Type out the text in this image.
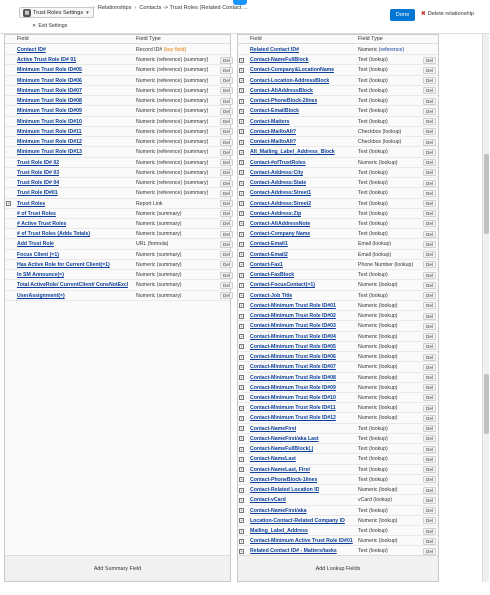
▦ Trust Roles Settings ▼
› Relationships › Contacts -> Trust Roles (Related Contact ...
✕ Exit Settings
Done	✖ Delete relationship
Field	Field Type
Contact ID#	Record ID# (key field)
Active Trust Role ID# 01	Numeric (reference) (summary)	Del
Minimum Trust Role ID#05	Numeric (reference) (summary)	Del
Minimum Trust Role ID#06	Numeric (reference) (summary)	Del
Minimum Trust Role ID#07	Numeric (reference) (summary)	Del
Minimum Trust Role ID#08	Numeric (reference) (summary)	Del
Minimum Trust Role ID#09	Numeric (reference) (summary)	Del
Minimum Trust Role ID#10	Numeric (reference) (summary)	Del
Minimum Trust Role ID#11	Numeric (reference) (summary)	Del
Minimum Trust Role ID#12	Numeric (reference) (summary)	Del
Minimum Trust Role ID#13	Numeric (reference) (summary)	Del
Trust Role ID# 02	Numeric (reference) (summary)	Del
Trust Role ID# 03	Numeric (reference) (summary)	Del
Trust Role ID# 04	Numeric (reference) (summary)	Del
Trust Role ID#01	Numeric (reference) (summary)	Del
+ Trust Roles	Report Link	Del
# of Trust Roles	Numeric (summary)	Del
# Active Trust Roles	Numeric (summary)	Del
# of Trust Roles (Adds Totals)	Numeric (summary)	Del
Add Trust Role	URL (formula)	Del
Focus Client (=1)	Numeric (summary)	Del
Has Active Role for Current Client(=1)	Numeric (summary)	Del
In SM Announce(=)	Numeric (summary)	Del
Total ActiveRole/ CurrentClient/ ConsNotExcl Numeric (summary)	Del
UserAssignment(=)	Numeric (summary)	Del
Add Summary Field
Field	Field Type
Related Contact ID#	Numeric (reference)
+ Contact-NameFullBlock	Text (lookup)	Del
+ Contact-Company&LocationName	Text (lookup)	Del
+ Contact-Location-AddressBlock	Text (lookup)	Del
+ Contact-AltAddressBlock	Text (lookup)	Del
+ Contact-PhoneBlock-2lines	Text (lookup)	Del
+ Contact-EmailBlock	Text (lookup)	Del
+ Contact-Matters	Text (lookup)	Del
+ Contact-MailtoAlt?	Checkbox (lookup)	Del
+ Contact-MailtoAlt?	Checkbox (lookup)	Del
+ Alt_Mailing_Label_Address_Block	Text (lookup)	Del
+ Contact-#ofTrustRoles	Numeric (lookup)	Del
+ Contact-Address:City	Text (lookup)	Del
+ Contact-Address:State	Text (lookup)	Del
+ Contact-Address:Street1	Text (lookup)	Del
+ Contact-Address:Street2	Text (lookup)	Del
+ Contact-Address:Zip	Text (lookup)	Del
+ Contact-AltAddressNote	Text (lookup)	Del
+ Contact-Company Name	Text (lookup)	Del
+ Contact-Email1	Email (lookup)	Del
+ Contact-Email2	Email (lookup)	Del
+ Contact-Fax1	Phone Number (lookup)	Del
+ Contact-FaxBlock	Text (lookup)	Del
+ Contact-FocusContact(=1)	Numeric (lookup)	Del
+ Contact-Job Title	Text (lookup)	Del
+ Contact-Minimum Trust Role ID#01	Numeric (lookup)	Del
+ Contact-Minimum Trust Role ID#02	Numeric (lookup)	Del
+ Contact-Minimum Trust Role ID#03	Numeric (lookup)	Del
+ Contact-Minimum Trust Role ID#04	Numeric (lookup)	Del
+ Contact-Minimum Trust Role ID#05	Numeric (lookup)	Del
+ Contact-Minimum Trust Role ID#06	Numeric (lookup)	Del
+ Contact-Minimum Trust Role ID#07	Numeric (lookup)	Del
+ Contact-Minimum Trust Role ID#08	Numeric (lookup)	Del
+ Contact-Minimum Trust Role ID#09	Numeric (lookup)	Del
+ Contact-Minimum Trust Role ID#10	Numeric (lookup)	Del
+ Contact-Minimum Trust Role ID#11	Numeric (lookup)	Del
+ Contact-Minimum Trust Role ID#12	Numeric (lookup)	Del
+ Contact-NameFirst	Text (lookup)	Del
+ Contact-NameFirst/aka Last	Text (lookup)	Del
+ Contact-NameFullBlock(.)	Text (lookup)	Del
+ Contact-NameLast	Text (lookup)	Del
+ Contact-NameLast, First	Text (lookup)	Del
+ Contact-PhoneBlock-1lines	Text (lookup)	Del
+ Contact-Related Location ID	Numeric (lookup)	Del
+ Contact-vCard	vCard (lookup)	Del
+ Contact-NameFirst/aka	Text (lookup)	Del
+ Location-Contact-Related Company ID	Numeric (lookup)	Del
+ Mailing_Label_Address	Text (lookup)	Del
+ Contact-Minimum Active Trust Role ID#01 Numeric (lookup)	Del
+ Related Contact ID# - Matters/tasks	Text (lookup)	Del
Add Lookup Fields
